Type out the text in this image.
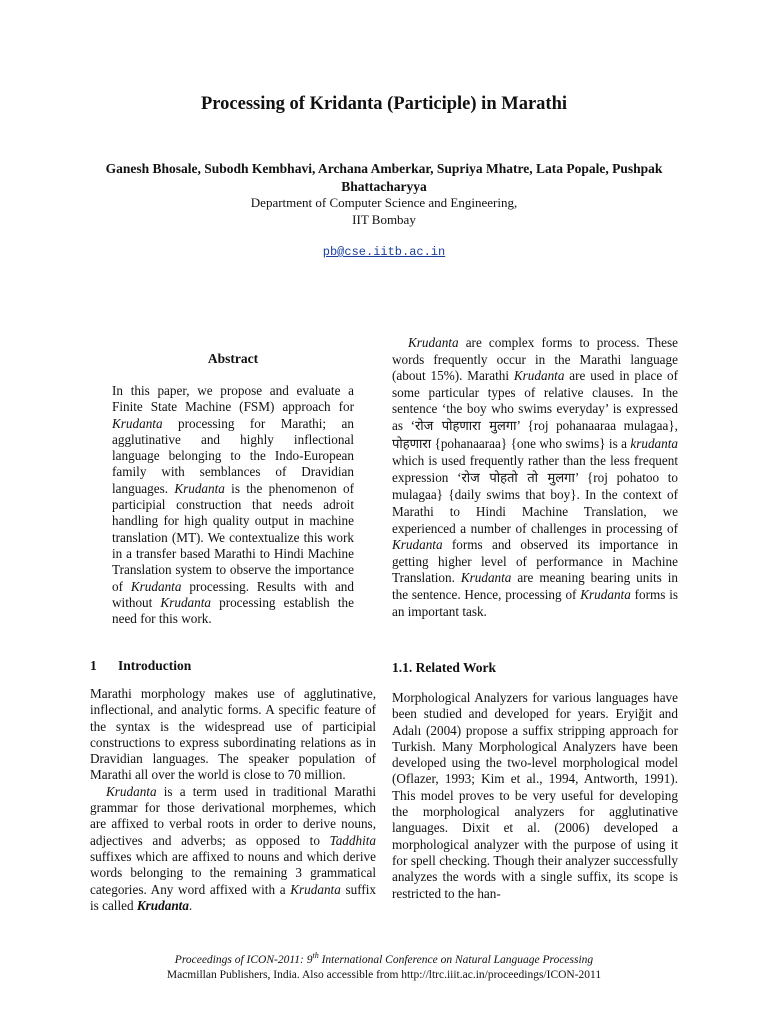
Processing of Kridanta (Participle) in Marathi
Ganesh Bhosale, Subodh Kembhavi, Archana Amberkar, Supriya Mhatre, Lata Popale, Pushpak Bhattacharyya
Department of Computer Science and Engineering,
IIT Bombay
pb@cse.iitb.ac.in
Abstract
In this paper, we propose and evaluate a Finite State Machine (FSM) approach for Krudanta processing for Marathi; an agglutinative and highly inflectional language belonging to the Indo-European family with semblances of Dravidian languages. Krudanta is the phenomenon of participial construction that needs adroit handling for high quality output in machine translation (MT). We contextualize this work in a transfer based Marathi to Hindi Machine Translation system to observe the importance of Krudanta processing. Results with and without Krudanta processing establish the need for this work.
1 Introduction

Marathi morphology makes use of agglutinative, inflectional, and analytic forms. A specific feature of the syntax is the widespread use of participial constructions to express subordinating relations as in Dravidian languages. The speaker population of Marathi all over the world is close to 70 million.

Krudanta is a term used in traditional Marathi grammar for those derivational morphemes, which are affixed to verbal roots in order to derive nouns, adjectives and adverbs; as opposed to Taddhita suffixes which are affixed to nouns and which derive words belonging to the remaining 3 grammatical categories. Any word affixed with a Krudanta suffix is called Krudanta.

Krudanta are complex forms to process. These words frequently occur in the Marathi language (about 15%). Marathi Krudanta are used in place of some particular types of relative clauses. In the sentence ‘the boy who swims everyday’ is expressed as ‘रोज पोहणारा मुलगा’ {roj pohanaaraa mulagaa}, पोहणारा {pohanaaraa} {one who swims} is a krudanta which is used frequently rather than the less frequent expression ‘रोज पोहतो तो मुलगा’ {roj pohatoo to mulagaa} {daily swims that boy}. In the context of Marathi to Hindi Machine Translation, we experienced a number of challenges in processing of Krudanta forms and observed its importance in getting higher level of performance in Machine Translation. Krudanta are meaning bearing units in the sentence. Hence, processing of Krudanta forms is an important task.

1.1. Related Work
Morphological Analyzers for various languages have been studied and developed for years. Eryiğit and Adalı (2004) propose a suffix stripping approach for Turkish. Many Morphological Analyzers have been developed using the two-level morphological model (Oflazer, 1993; Kim et al., 1994, Antworth, 1991). This model proves to be very useful for developing the morphological analyzers for agglutinative languages. Dixit et al. (2006) developed a morphological analyzer with the purpose of using it for spell checking. Though their analyzer successfully analyzes the words with a single suffix, its scope is restricted to the han-
Proceedings of ICON-2011: 9th International Conference on Natural Language Processing
Macmillan Publishers, India. Also accessible from http://ltrc.iiit.ac.in/proceedings/ICON-2011
